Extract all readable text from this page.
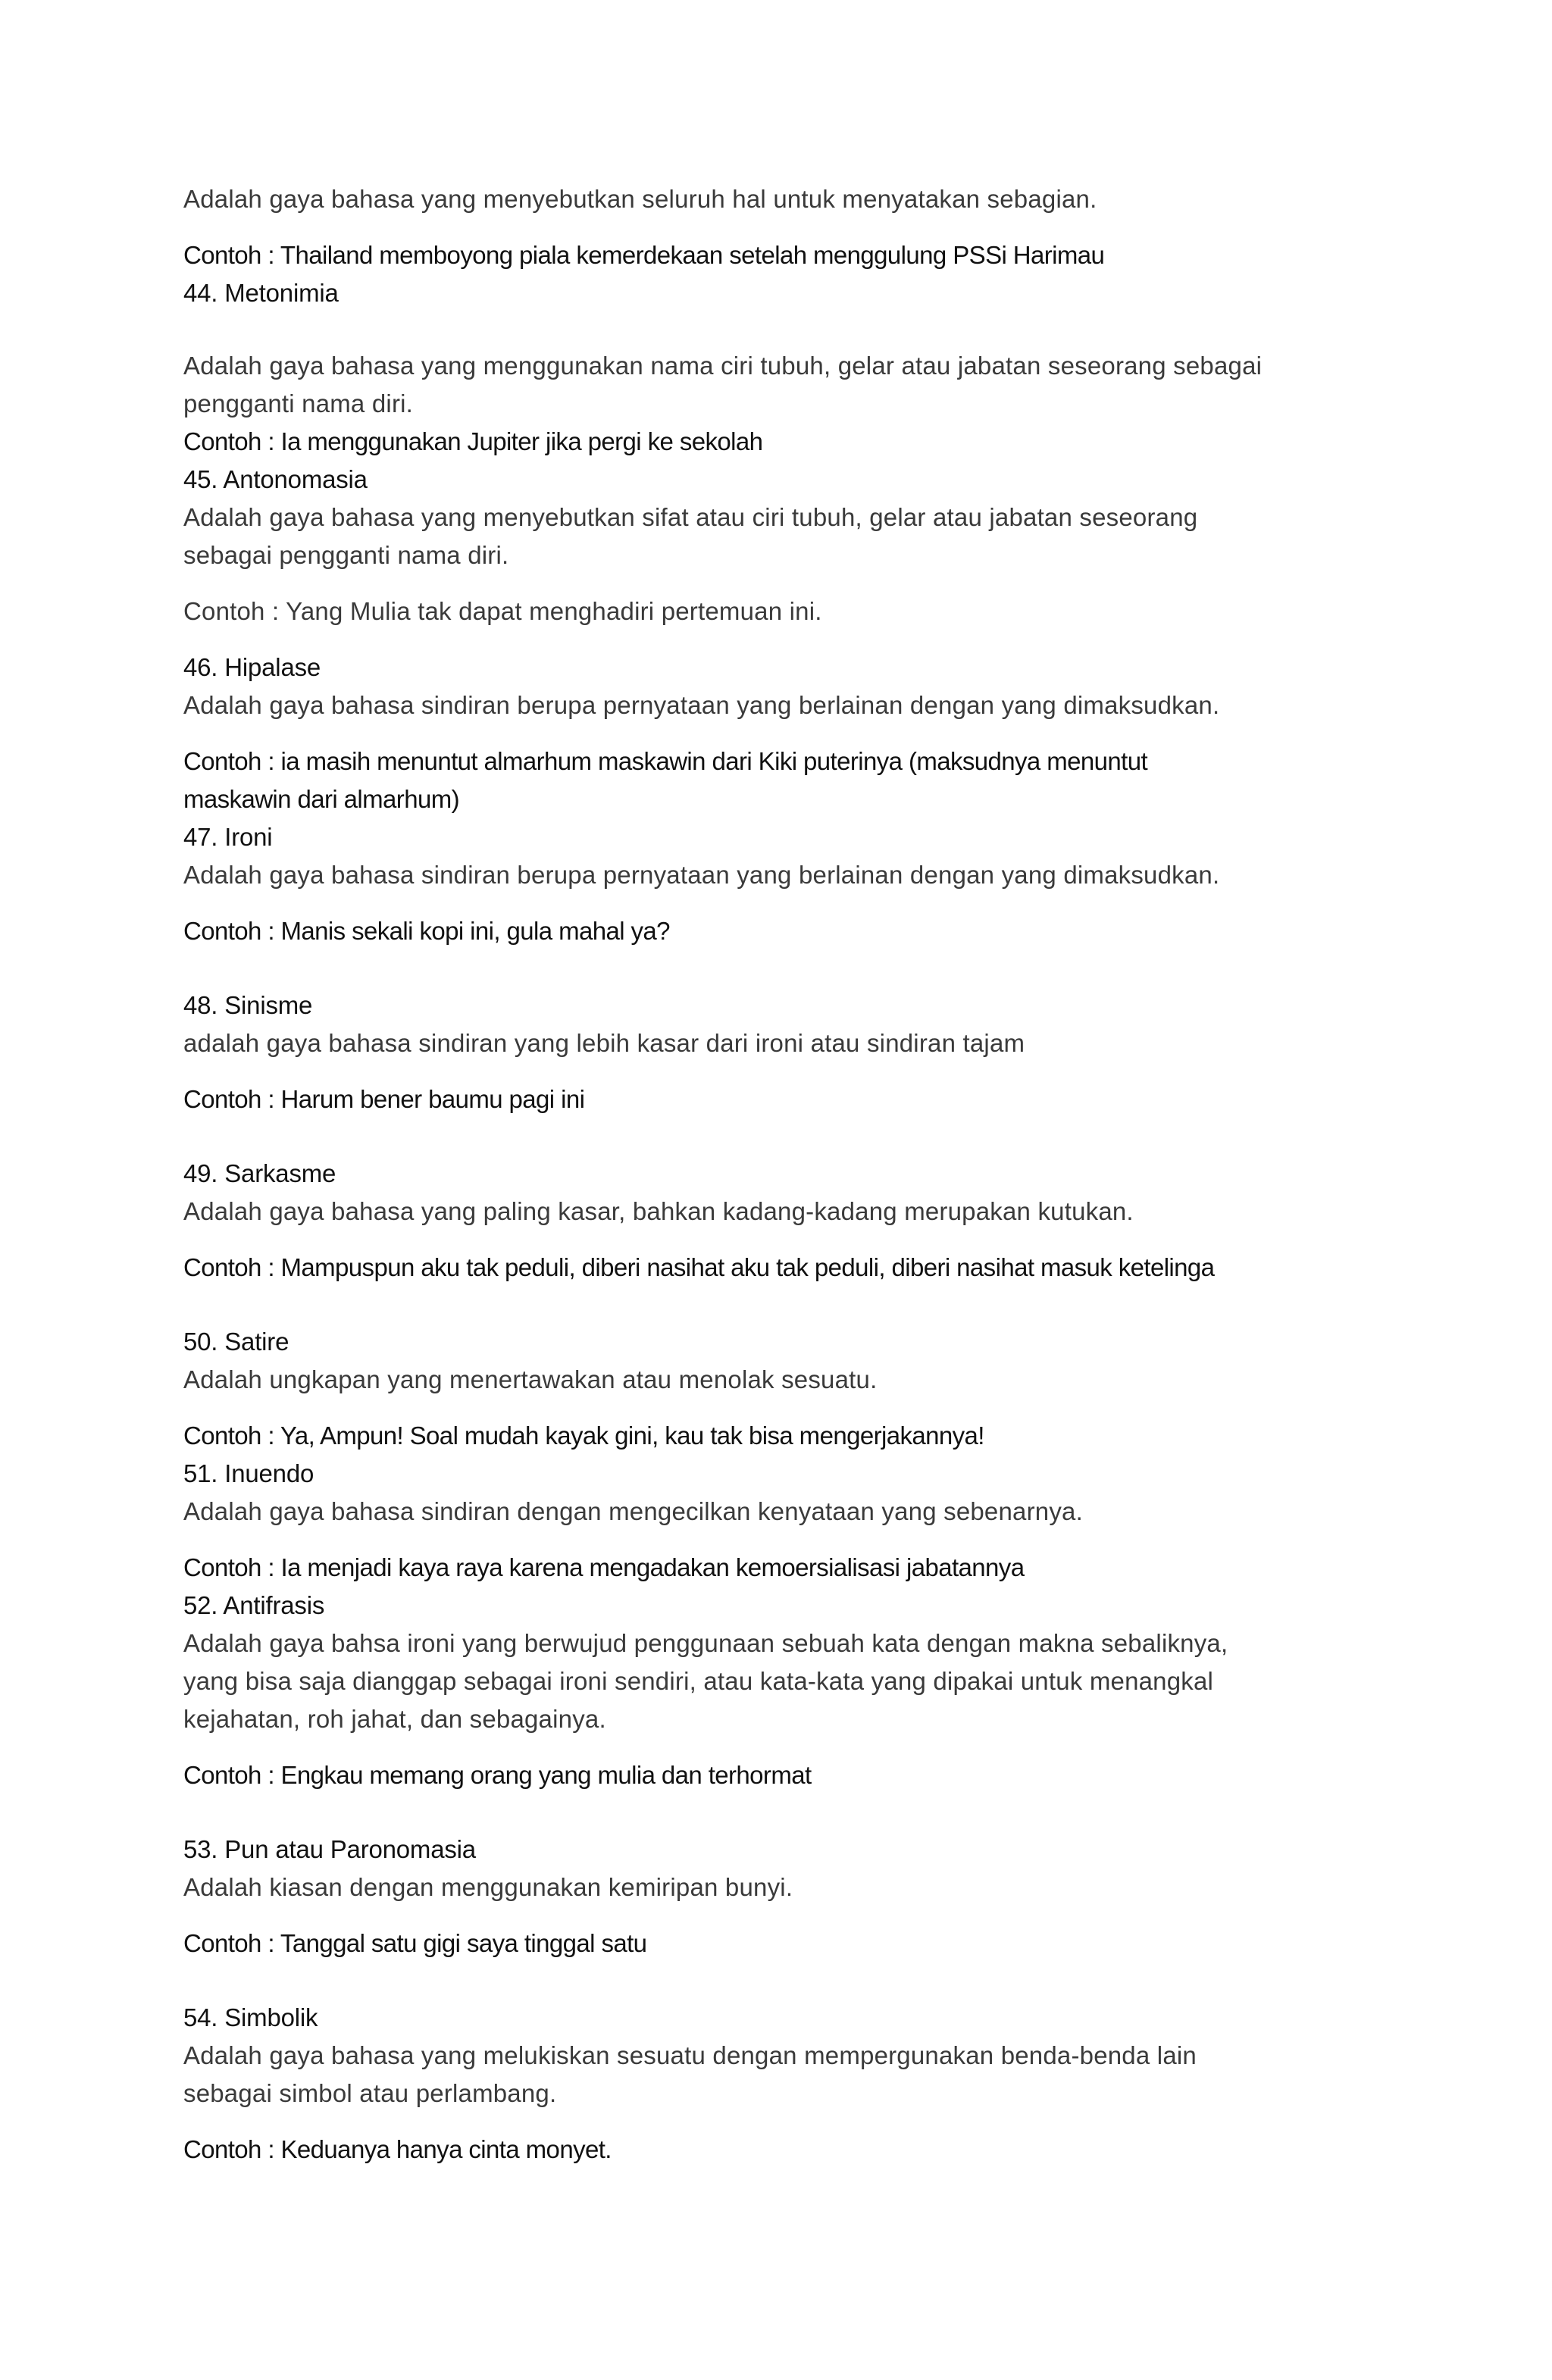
Adalah gaya bahasa yang menyebutkan seluruh hal untuk menyatakan sebagian.

Contoh : Thailand memboyong piala kemerdekaan setelah menggulung PSSi Harimau

44. Metonimia

Adalah gaya bahasa yang menggunakan nama ciri tubuh, gelar atau jabatan seseorang sebagai

pengganti nama diri.

Contoh : Ia menggunakan Jupiter jika pergi ke sekolah

45. Antonomasia

Adalah gaya bahasa yang menyebutkan sifat atau ciri tubuh, gelar atau jabatan seseorang

sebagai pengganti nama diri.

Contoh : Yang Mulia tak dapat menghadiri pertemuan ini.

46. Hipalase

Adalah gaya bahasa sindiran berupa pernyataan yang berlainan dengan yang dimaksudkan.

Contoh : ia masih menuntut almarhum maskawin dari Kiki puterinya (maksudnya menuntut

maskawin dari almarhum)

47. Ironi

Adalah gaya bahasa sindiran berupa pernyataan yang berlainan dengan yang dimaksudkan.

Contoh : Manis sekali kopi ini, gula mahal ya?

48. Sinisme

adalah gaya bahasa sindiran yang lebih kasar dari ironi atau sindiran tajam

Contoh : Harum bener baumu pagi ini

49. Sarkasme

Adalah gaya bahasa yang paling kasar, bahkan kadang-kadang merupakan kutukan.

Contoh : Mampuspun aku tak peduli, diberi nasihat aku tak peduli, diberi nasihat masuk ketelinga

50. Satire

Adalah ungkapan yang menertawakan atau menolak sesuatu.

Contoh : Ya, Ampun! Soal mudah kayak gini, kau tak bisa mengerjakannya!

51. Inuendo

Adalah gaya bahasa sindiran dengan mengecilkan kenyataan yang sebenarnya.

Contoh : Ia menjadi kaya raya karena mengadakan kemoersialisasi jabatannya

52. Antifrasis

Adalah gaya bahsa ironi yang berwujud penggunaan sebuah kata dengan makna sebaliknya,

yang bisa saja dianggap sebagai ironi sendiri, atau kata-kata yang dipakai untuk menangkal

kejahatan, roh jahat, dan sebagainya.

Contoh : Engkau memang orang yang mulia dan terhormat

53. Pun atau Paronomasia

Adalah kiasan dengan menggunakan kemiripan bunyi.

Contoh : Tanggal satu gigi saya tinggal satu

54. Simbolik

Adalah gaya bahasa yang melukiskan sesuatu dengan mempergunakan benda-benda lain

sebagai simbol atau perlambang.

Contoh : Keduanya hanya cinta monyet.
